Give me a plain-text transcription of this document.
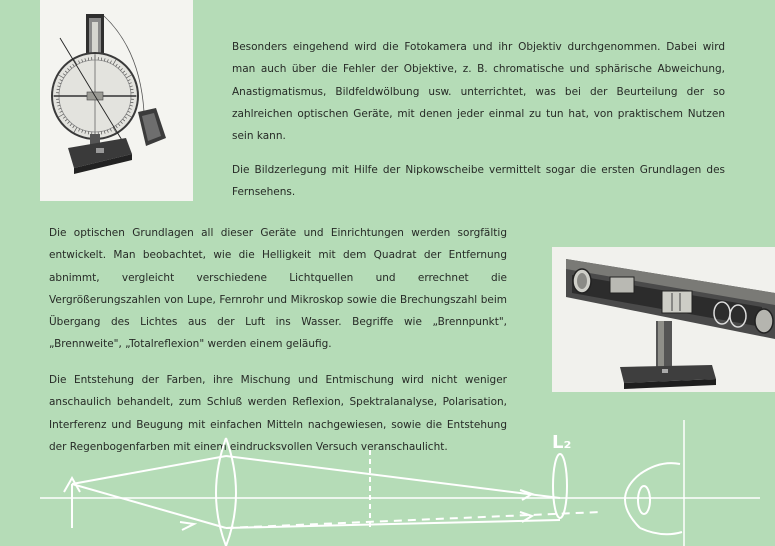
Besonders eingehend wird die Fotokamera und ihr Objektiv durchgenommen. Dabei wird man auch über die Fehler der Objektive, z. B. chromatische und sphärische Abweichung, Anastigmatismus, Bildfeldwölbung usw. unterrichtet, was bei der Beurteilung der so zahlreichen optischen Geräte, mit denen jeder einmal zu tun hat, von praktischem Nutzen sein kann.

Die Bildzerlegung mit Hilfe der Nipkowscheibe vermittelt sogar die ersten Grundlagen des Fernsehens.

Die optischen Grundlagen all dieser Geräte und Einrichtungen werden sorgfältig entwickelt. Man beobachtet, wie die Helligkeit mit dem Quadrat der Entfernung abnimmt, vergleicht verschiedene Lichtquellen und errechnet die Vergrößerungszahlen von Lupe, Fernrohr und Mikroskop sowie die Brechungszahl beim Übergang des Lichtes aus der Luft ins Wasser. Begriffe wie „Brennpunkt", „Brennweite", „Totalreflexion" werden einem geläufig.

Die Entstehung der Farben, ihre Mischung und Entmischung wird nicht weniger anschaulich behandelt, zum Schluß werden Reflexion, Spektralanalyse, Polarisation, Interferenz und Beugung mit einfachen Mitteln nachgewiesen, sowie die Entstehung der Regenbogenfarben mit einem eindrucksvollen Versuch veranschaulicht.	L₂
